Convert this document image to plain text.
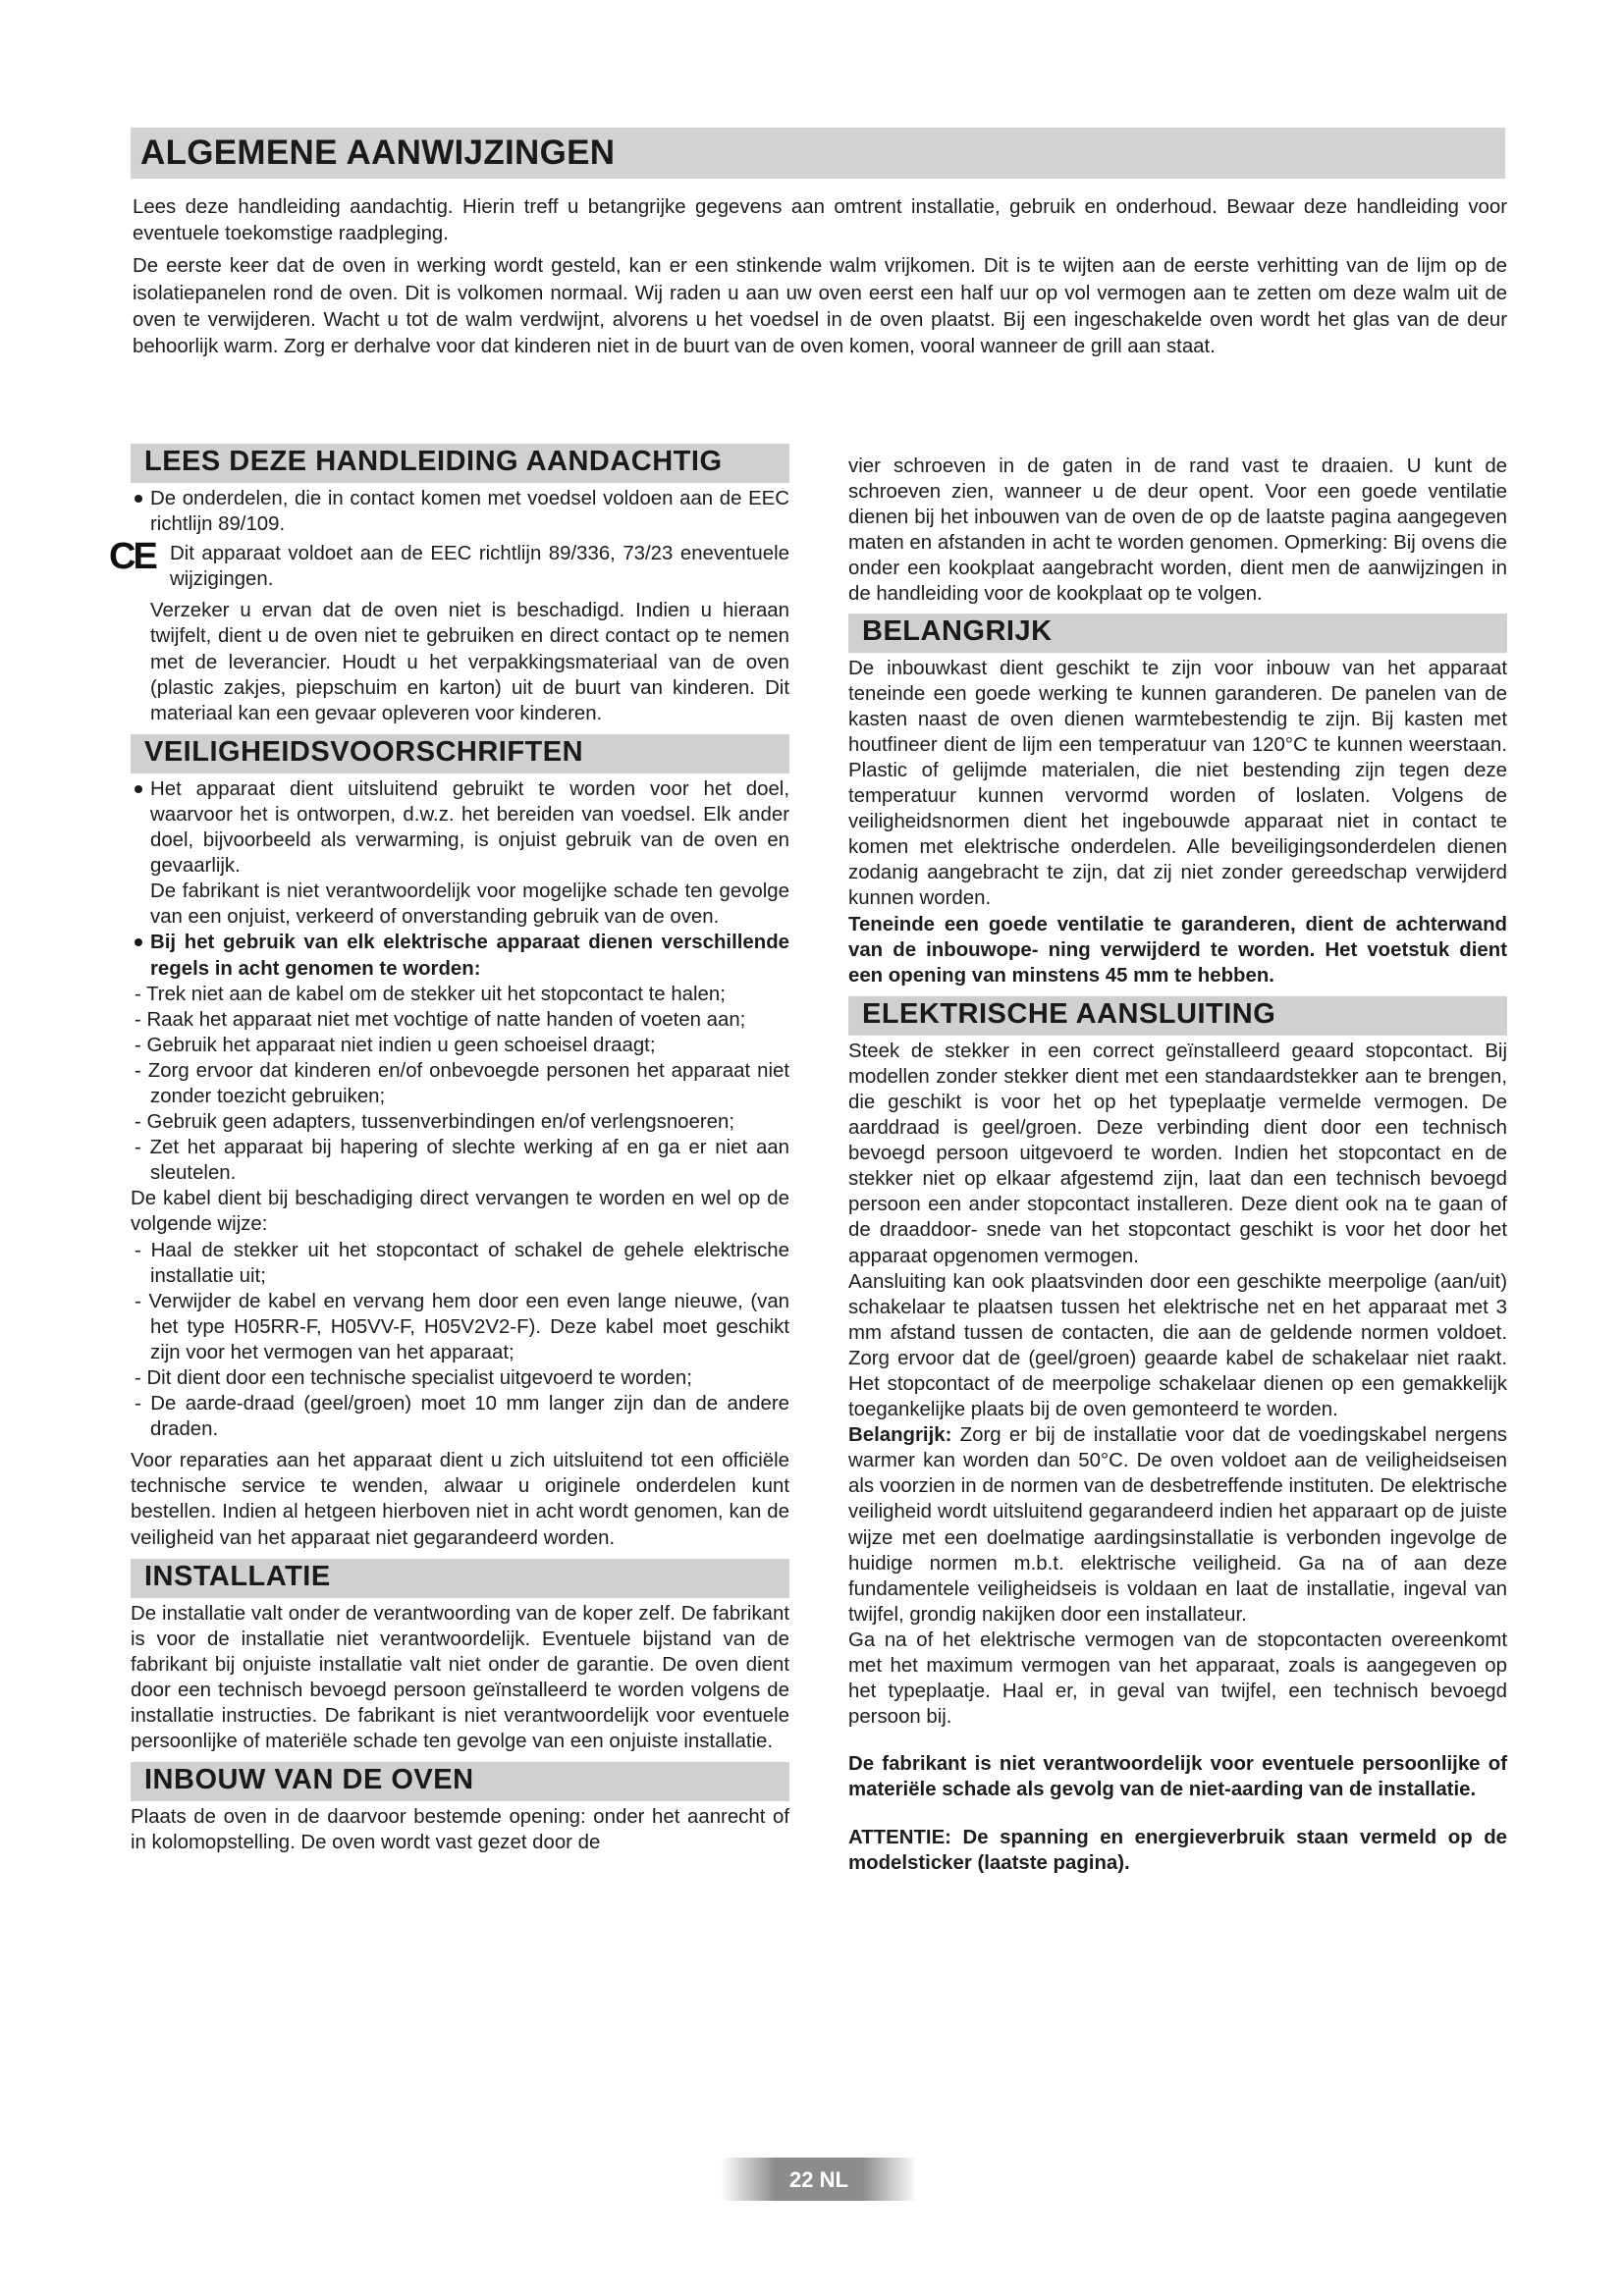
ALGEMENE AANWIJZINGEN

Lees deze handleiding aandachtig. Hierin treff u betangrijke gegevens aan omtrent installatie, gebruik en onderhoud. Bewaar deze handleiding voor eventuele toekomstige raadpleging.

De eerste keer dat de oven in werking wordt gesteld, kan er een stinkende walm vrijkomen. Dit is te wijten aan de eerste verhitting van de lijm op de isolatiepanelen rond de oven. Dit is volkomen normaal. Wij raden u aan uw oven eerst een half uur op vol vermogen aan te zetten om deze walm uit de oven te verwijderen. Wacht u tot de walm verdwijnt, alvorens u het voedsel in de oven plaatst. Bij een ingeschakelde oven wordt het glas van de deur behoorlijk warm. Zorg er derhalve voor dat kinderen niet in de buurt van de oven komen, vooral wanneer de grill aan staat.

LEES DEZE HANDLEIDING AANDACHTIG

De onderdelen, die in contact komen met voedsel voldoen aan de EEC richtlijn 89/109.

CE Dit apparaat voldoet aan de EEC richtlijn 89/336, 73/23 eneventuele wijzigingen.

Verzeker u ervan dat de oven niet is beschadigd. Indien u hieraan twijfelt, dient u de oven niet te gebruiken en direct contact op te nemen met de leverancier. Houdt u het verpakkingsmateriaal van de oven (plastic zakjes, piepschuim en karton) uit de buurt van kinderen. Dit materiaal kan een gevaar opleveren voor kinderen.

VEILIGHEIDSVOORSCHRIFTEN

Het apparaat dient uitsluitend gebruikt te worden voor het doel, waarvoor het is ontworpen, d.w.z. het bereiden van voedsel. Elk ander doel, bijvoorbeeld als verwarming, is onjuist gebruik van de oven en gevaarlijk.

De fabrikant is niet verantwoordelijk voor mogelijke schade ten gevolge van een onjuist, verkeerd of onverstanding gebruik van de oven.

Bij het gebruik van elk elektrische apparaat dienen verschillende regels in acht genomen te worden:

- Trek niet aan de kabel om de stekker uit het stopcontact te halen;

- Raak het apparaat niet met vochtige of natte handen of voeten aan;

- Gebruik het apparaat niet indien u geen schoeisel draagt;

- Zorg ervoor dat kinderen en/of onbevoegde personen het apparaat niet zonder toezicht gebruiken;

- Gebruik geen adapters, tussenverbindingen en/of verlengsnoeren;

- Zet het apparaat bij hapering of slechte werking af en ga er niet aan sleutelen.

De kabel dient bij beschadiging direct vervangen te worden en wel op de volgende wijze:

- Haal de stekker uit het stopcontact of schakel de gehele elektrische installatie uit;

- Verwijder de kabel en vervang hem door een even lange nieuwe, (van het type H05RR-F, H05VV-F, H05V2V2-F). Deze kabel moet geschikt zijn voor het vermogen van het apparaat;

- Dit dient door een technische specialist uitgevoerd te worden;

- De aarde-draad (geel/groen) moet 10 mm langer zijn dan de andere draden.

Voor reparaties aan het apparaat dient u zich uitsluitend tot een officiële technische service te wenden, alwaar u originele onderdelen kunt bestellen. Indien al hetgeen hierboven niet in acht wordt genomen, kan de veiligheid van het apparaat niet gegarandeerd worden.

INSTALLATIE

De installatie valt onder de verantwoording van de koper zelf. De fabrikant is voor de installatie niet verantwoordelijk. Eventuele bijstand van de fabrikant bij onjuiste installatie valt niet onder de garantie. De oven dient door een technisch bevoegd persoon geïnstalleerd te worden volgens de installatie instructies. De fabrikant is niet verantwoordelijk voor eventuele persoonlijke of materiële schade ten gevolge van een onjuiste installatie.

INBOUW VAN DE OVEN

Plaats de oven in de daarvoor bestemde opening: onder het aanrecht of in kolomopstelling. De oven wordt vast gezet door de

vier schroeven in de gaten in de rand vast te draaien. U kunt de schroeven zien, wanneer u de deur opent. Voor een goede ventilatie dienen bij het inbouwen van de oven de op de laatste pagina aangegeven maten en afstanden in acht te worden genomen. Opmerking: Bij ovens die onder een kookplaat aangebracht worden, dient men de aanwijzingen in de handleiding voor de kookplaat op te volgen.

BELANGRIJK

De inbouwkast dient geschikt te zijn voor inbouw van het apparaat teneinde een goede werking te kunnen garanderen. De panelen van de kasten naast de oven dienen warmtebestendig te zijn. Bij kasten met houtfineer dient de lijm een temperatuur van 120°C te kunnen weerstaan. Plastic of gelijmde materialen, die niet bestending zijn tegen deze temperatuur kunnen vervormd worden of loslaten. Volgens de veiligheidsnormen dient het ingebouwde apparaat niet in contact te komen met elektrische onderdelen. Alle beveiligingsonderdelen dienen zodanig aangebracht te zijn, dat zij niet zonder gereedschap verwijderd kunnen worden.

Teneinde een goede ventilatie te garanderen, dient de achterwand van de inbouwope- ning verwijderd te worden. Het voetstuk dient een opening van minstens 45 mm te hebben.

ELEKTRISCHE AANSLUITING

Steek de stekker in een correct geïnstalleerd geaard stopcontact. Bij modellen zonder stekker dient met een standaardstekker aan te brengen, die geschikt is voor het op het typeplaatje vermelde vermogen. De aarddraad is geel/groen. Deze verbinding dient door een technisch bevoegd persoon uitgevoerd te worden. Indien het stopcontact en de stekker niet op elkaar afgestemd zijn, laat dan een technisch bevoegd persoon een ander stopcontact installeren. Deze dient ook na te gaan of de draaddoor- snede van het stopcontact geschikt is voor het door het apparaat opgenomen vermogen.

Aansluiting kan ook plaatsvinden door een geschikte meerpolige (aan/uit) schakelaar te plaatsen tussen het elektrische net en het apparaat met 3 mm afstand tussen de contacten, die aan de geldende normen voldoet. Zorg ervoor dat de (geel/groen) geaarde kabel de schakelaar niet raakt. Het stopcontact of de meerpolige schakelaar dienen op een gemakkelijk toegankelijke plaats bij de oven gemonteerd te worden.

Belangrijk: Zorg er bij de installatie voor dat de voedingskabel nergens warmer kan worden dan 50°C. De oven voldoet aan de veiligheidseisen als voorzien in de normen van de desbetreffende instituten. De elektrische veiligheid wordt uitsluitend gegarandeerd indien het apparaart op de juiste wijze met een doelmatige aardingsinstallatie is verbonden ingevolge de huidige normen m.b.t. elektrische veiligheid. Ga na of aan deze fundamentele veiligheidseis is voldaan en laat de installatie, ingeval van twijfel, grondig nakijken door een installateur.

Ga na of het elektrische vermogen van de stopcontacten overeenkomt met het maximum vermogen van het apparaat, zoals is aangegeven op het typeplaatje. Haal er, in geval van twijfel, een technisch bevoegd persoon bij.

De fabrikant is niet verantwoordelijk voor eventuele persoonlijke of materiële schade als gevolg van de niet-aarding van de installatie.

ATTENTIE: De spanning en energieverbruik staan vermeld op de modelsticker (laatste pagina).

22 NL
